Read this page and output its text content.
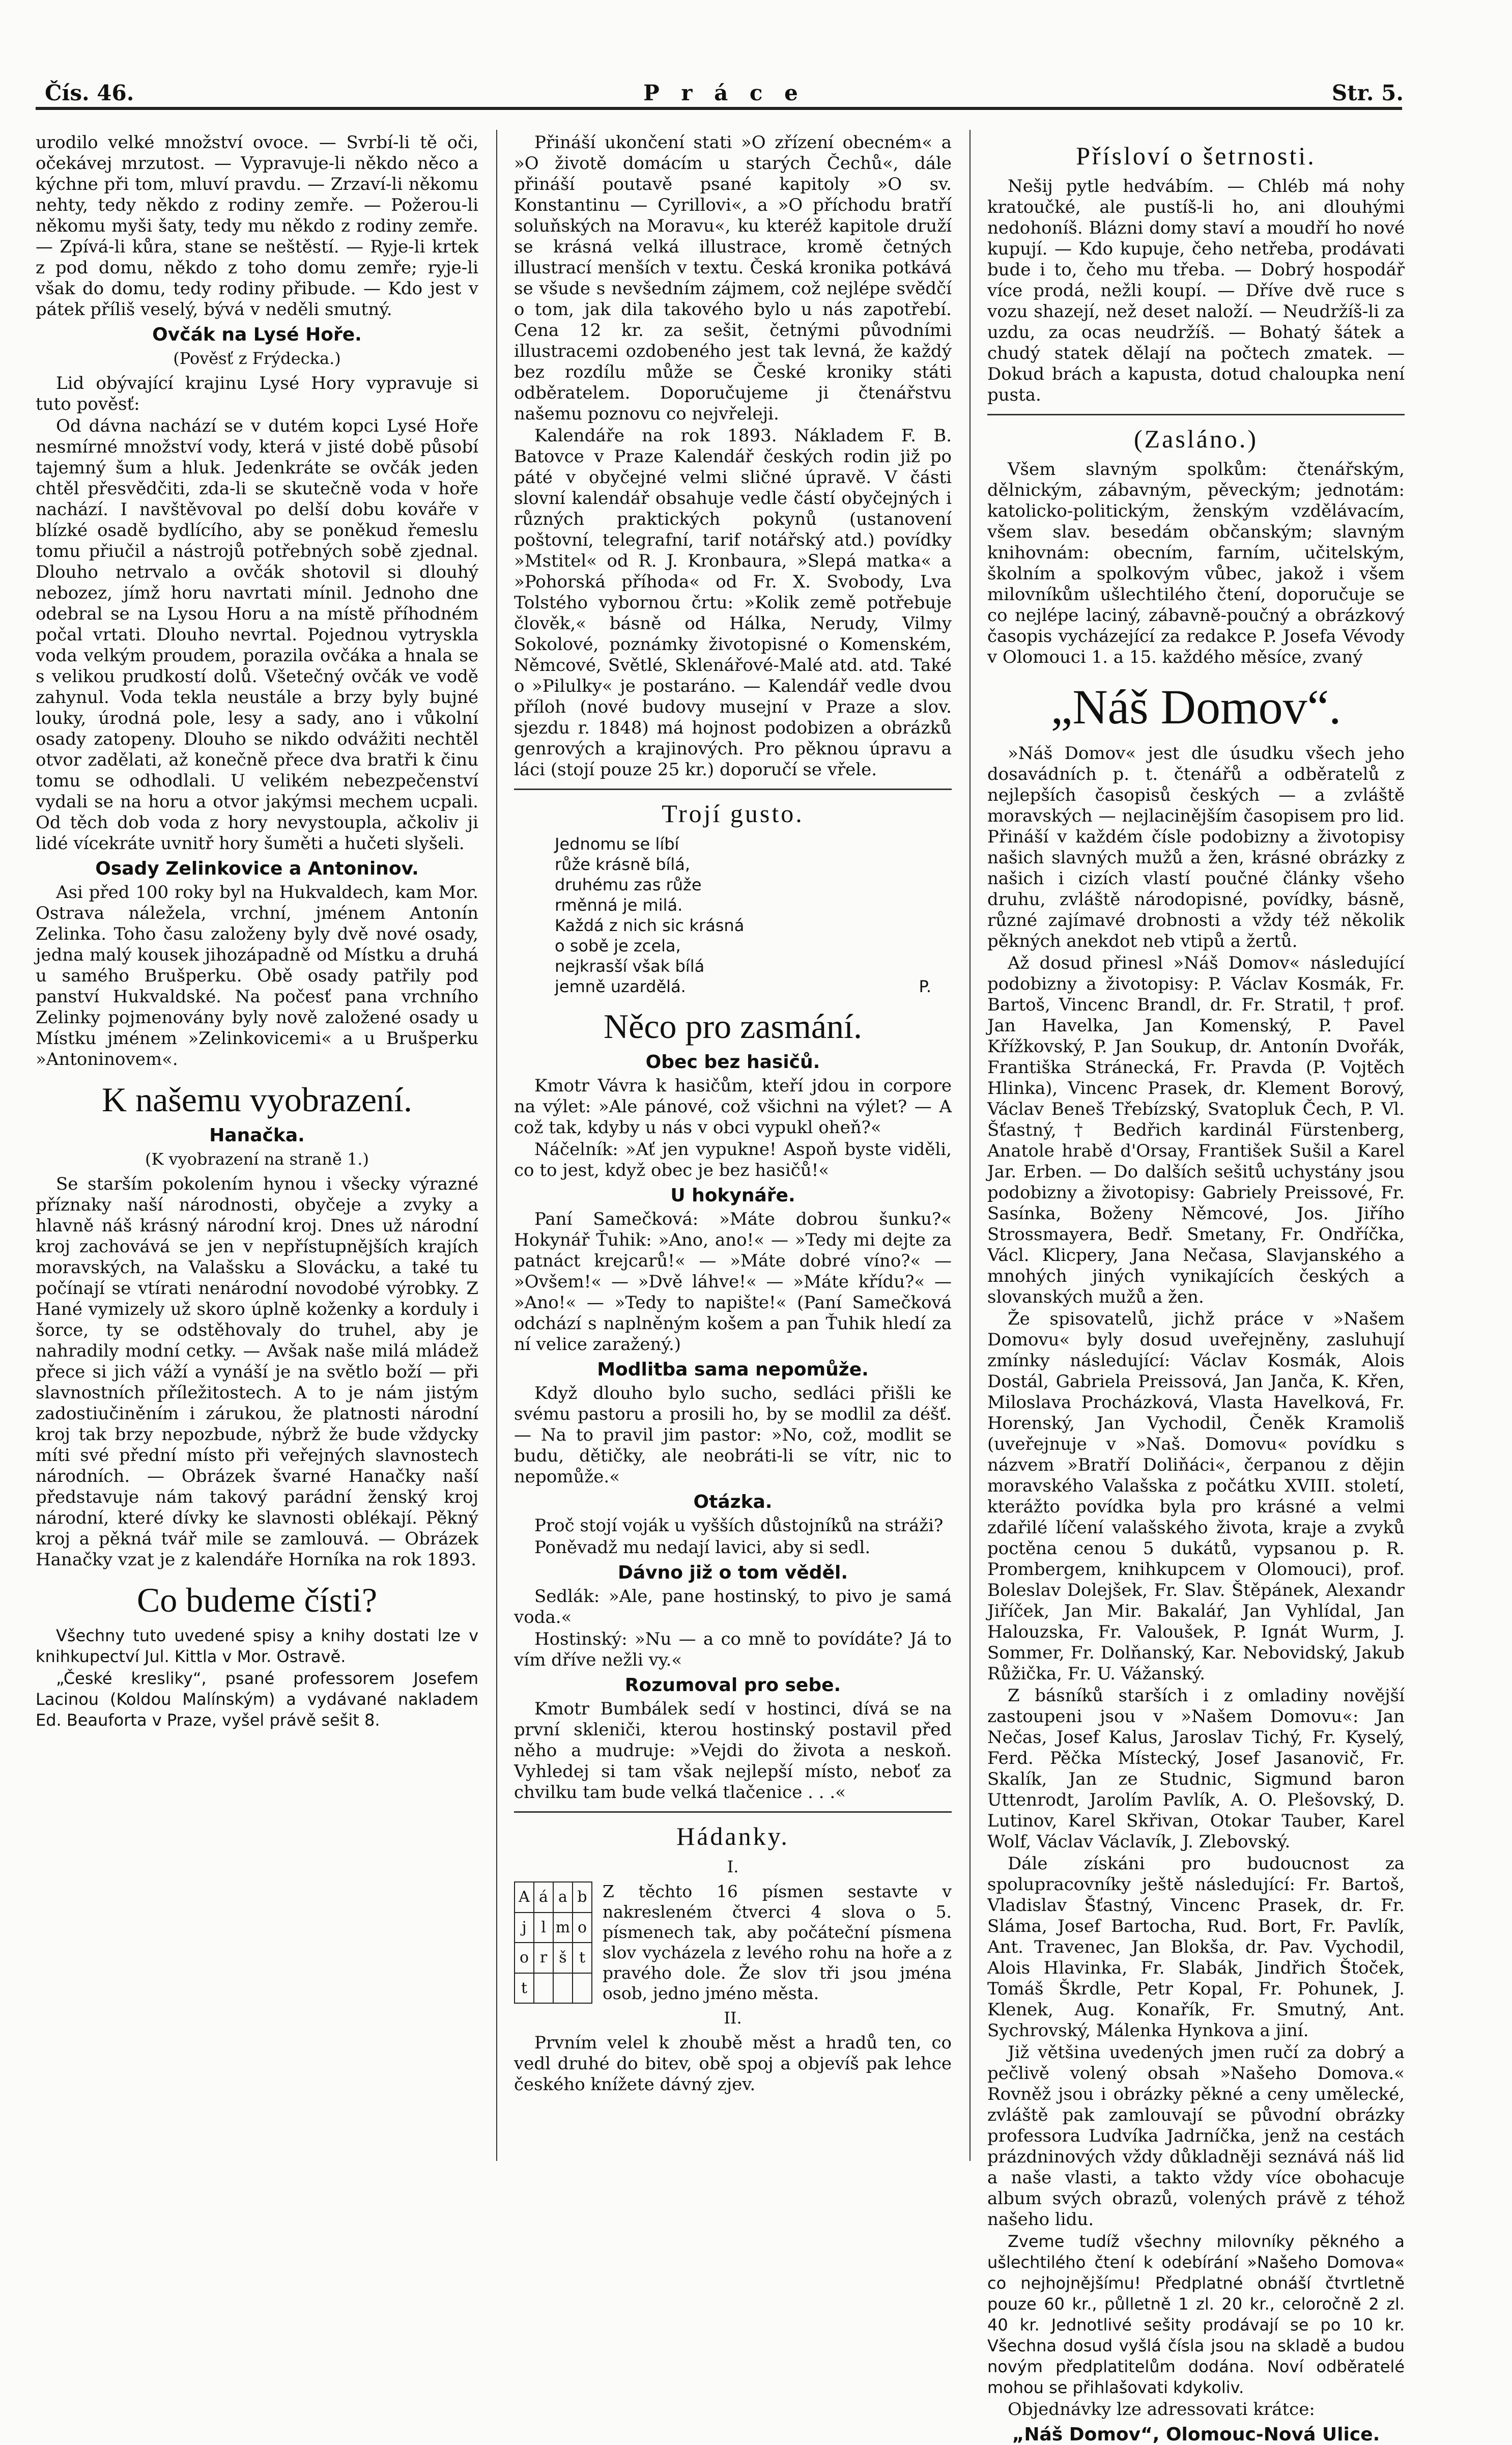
Čís. 46.	P r á c e	Str. 5.

urodilo velké množství ovoce. — Svrbí-li tě oči, očekávej mrzutost. — Vypravuje-li někdo něco a kýchne při tom, mluví pravdu. — Zrzaví-li někomu nehty, tedy někdo z rodiny zemře. — Požerou-li někomu myši šaty, tedy mu někdo z rodiny zemře. — Zpívá-li kůra, stane se neštěstí. — Ryje-li krtek z pod domu, někdo z toho domu zemře; ryje-li však do domu, tedy rodiny přibude. — Kdo jest v pátek příliš veselý, bývá v neděli smutný.

Ovčák na Lysé Hoře.
(Pověsť z Frýdecka.)

Lid obývající krajinu Lysé Hory vypravuje si tuto pověsť:

Od dávna nachází se v dutém kopci Lysé Hoře nesmírné množství vody, která v jisté době působí tajemný šum a hluk. Jedenkráte se ovčák jeden chtěl přesvědčiti, zda-li se skutečně voda v hoře nachází. I navštěvoval po delší dobu kováře v blízké osadě bydlícího, aby se poněkud řemeslu tomu přiučil a nástrojů potřebných sobě zjednal. Dlouho netrvalo a ovčák shotovil si dlouhý nebozez, jímž horu navrtati mínil. Jednoho dne odebral se na Lysou Horu a na místě příhodném počal vrtati. Dlouho nevrtal. Pojednou vytryskla voda velkým proudem, porazila ovčáka a hnala se s velikou prudkostí dolů. Všetečný ovčák ve vodě zahynul. Voda tekla neustále a brzy byly bujné louky, úrodná pole, lesy a sady, ano i vůkolní osady zatopeny. Dlouho se nikdo odvážiti nechtěl otvor zadělati, až konečně přece dva bratři k činu tomu se odhodlali. U velikém nebezpečenství vydali se na horu a otvor jakýmsi mechem ucpali. Od těch dob voda z hory nevystoupla, ačkoliv ji lidé vícekráte uvnitř hory šuměti a hučeti slyšeli.

Osady Zelinkovice a Antoninov.

Asi před 100 roky byl na Hukvaldech, kam Mor. Ostrava náležela, vrchní, jménem Antonín Zelinka. Toho času založeny byly dvě nové osady, jedna malý kousek jihozápadně od Místku a druhá u samého Brušperku. Obě osady patřily pod panství Hukvaldské. Na počesť pana vrchního Zelinky pojmenovány byly nově založené osady u Místku jménem »Zelinkovicemi« a u Brušperku »Antoninovem«.

K našemu vyobrazení.
Hanačka.
(K vyobrazení na straně 1.)

Se starším pokolením hynou i všecky výrazné příznaky naší národnosti, obyčeje a zvyky a hlavně náš krásný národní kroj. Dnes už národní kroj zachovává se jen v nepřístupnějších krajích moravských, na Valašsku a Slovácku, a také tu počínají se vtírati nenárodní novodobé výrobky. Z Hané vymizely už skoro úplně koženky a korduly i šorce, ty se odstěhovaly do truhel, aby je nahradily modní cetky. — Avšak naše milá mládež přece si jich váží a vynáší je na světlo boží — při slavnostních příležitostech. A to je nám jistým zadostiučiněním i zárukou, že platnosti národní kroj tak brzy nepozbude, nýbrž že bude vždycky míti své přední místo při veřejných slavnostech národních. — Obrázek švarné Hanačky naší představuje nám takový parádní ženský kroj národní, které dívky ke slavnosti oblékají. Pěkný kroj a pěkná tvář mile se zamlouvá. — Obrázek Hanačky vzat je z kalendáře Horníka na rok 1893.

Co budeme čísti?

Všechny tuto uvedené spisy a knihy dostati lze v knihkupectví Jul. Kittla v Mor. Ostravě.

„České kresliky“, psané professorem Josefem Lacinou (Koldou Malínským) a vydávané nakladem Ed. Beauforta v Praze, vyšel právě sešit 8.

Přináší ukončení stati »O zřízení obecném« a »O životě domácím u starých Čechů«, dále přináší poutavě psané kapitoly »O sv. Konstantinu — Cyrillovi«, a »O příchodu bratří soluňských na Moravu«, ku kteréž kapitole druží se krásná velká illustrace, kromě četných illustrací menších v textu. Česká kronika potkává se všude s nevšedním zájmem, což nejlépe svědčí o tom, jak dila takového bylo u nás zapotřebí. Cena 12 kr. za sešit, četnými původními illustracemi ozdobeného jest tak levná, že každý bez rozdílu může se České kroniky státi odběratelem. Doporučujeme ji čtenářstvu našemu poznovu co nejvřeleji.

Kalendáře na rok 1893. Nákladem F. B. Batovce v Praze Kalendář českých rodin již po páté v obyčejné velmi sličné úpravě. V části slovní kalendář obsahuje vedle částí obyčejných i různých praktických pokynů (ustanovení poštovní, telegrafní, tarif notářský atd.) povídky »Mstitel« od R. J. Kronbaura, »Slepá matka« a »Pohorská příhoda« od Fr. X. Svobody, Lva Tolstého vybornou črtu: »Kolik země potřebuje člověk,« básně od Hálka, Nerudy, Vilmy Sokolové, poznámky životopisné o Komenském, Němcové, Světlé, Sklenářové-Malé atd. atd. Také o »Pilulky« je postaráno. — Kalendář vedle dvou příloh (nové budovy musejní v Praze a slov. sjezdu r. 1848) má hojnost podobizen a obrázků genrových a krajinových. Pro pěknou úpravu a láci (stojí pouze 25 kr.) doporučí se vřele.

Trojí gusto.
Jednomu se líbí
růže krásně bílá,
druhému zas růže
rměnná je milá.
Každá z nich sic krásná
o sobě je zcela,
nejkrasší však bílá
jemně uzardělá.	P.
Něco pro zasmání.
Obec bez hasičů.

Kmotr Vávra k hasičům, kteří jdou in corpore na výlet: »Ale pánové, což všichni na výlet? — A což tak, kdyby u nás v obci vypukl oheň?«

Náčelník: »Ať jen vypukne! Aspoň byste viděli, co to jest, když obec je bez hasičů!«

U hokynáře.

Paní Samečková: »Máte dobrou šunku?« Hokynář Ťuhik: »Ano, ano!« — »Tedy mi dejte za patnáct krejcarů!« — »Máte dobré víno?« — »Ovšem!« — »Dvě láhve!« — »Máte křídu?« — »Ano!« — »Tedy to napište!« (Paní Samečková odchází s naplněným košem a pan Ťuhik hledí za ní velice zaražený.)

Modlitba sama nepomůže.

Když dlouho bylo sucho, sedláci přišli ke svému pastoru a prosili ho, by se modlil za déšť. — Na to pravil jim pastor: »No, což, modlit se budu, dětičky, ale neobráti-li se vítr, nic to nepomůže.«

Otázka.

Proč stojí voják u vyšších důstojníků na stráži?

Poněvadž mu nedají lavici, aby si sedl.

Dávno již o tom věděl.

Sedlák: »Ale, pane hostinský, to pivo je samá voda.«

Hostinský: »Nu — a co mně to povídáte? Já to vím dříve nežli vy.«

Rozumoval pro sebe.

Kmotr Bumbálek sedí v hostinci, dívá se na první skleniči, kterou hostinský postavil před něho a mudruje: »Vejdi do života a neskoň. Vyhledej si tam však nejlepší místo, neboť za chvilku tam bude velká tlačenice . . .«

Hádanky.
I.
A	á	a	b
j	l	m	o
o	r	š	t
t			
Z těchto 16 písmen sestavte v nakresleném čtverci 4 slova o 5. písmenech tak, aby počáteční písmena slov vycházela z levého rohu na hoře a z pravého dole. Že slov tři jsou jména osob, jedno jméno města.
II.

Prvním velel k zhoubě měst a hradů ten, co vedl druhé do bitev, obě spoj a objevíš pak lehce českého knížete dávný zjev.

Přísloví o šetrnosti.

Nešij pytle hedvábím. — Chléb má nohy kratoučké, ale pustíš-li ho, ani dlouhými nedohoníš. Blázni domy staví a moudří ho nové kupují. — Kdo kupuje, čeho netřeba, prodávati bude i to, čeho mu třeba. — Dobrý hospodář více prodá, nežli koupí. — Dříve dvě ruce s vozu shazejí, než deset naloží. — Neudržíš-li za uzdu, za ocas neudržíš. — Bohatý šátek a chudý statek dělají na počtech zmatek. — Dokud brách a kapusta, dotud chaloupka není pusta.

(Zasláno.)

Všem slavným spolkům: čtenářským, dělnickým, zábavným, pěveckým; jednotám: katolicko-politickým, ženským vzdělávacím, všem slav. besedám občanským; slavným knihovnám: obecním, farním, učitelským, školním a spolkovým vůbec, jakož i všem milovníkům ušlechtilého čtení, doporučuje se co nejlépe laciný, zábavně-poučný a obrázkový časopis vycházející za redakce P. Josefa Vévody v Olomouci 1. a 15. každého měsíce, zvaný

„Náš Domov“.

»Náš Domov« jest dle úsudku všech jeho dosavádních p. t. čtenářů a odběratelů z nejlepších časopisů českých — a zvláště moravských — nejlacinějším časopisem pro lid. Přináší v každém čísle podobizny a životopisy našich slavných mužů a žen, krásné obrázky z našich i cizích vlastí poučné články všeho druhu, zvláště národopisné, povídky, básně, různé zajímavé drobnosti a vždy též několik pěkných anekdot neb vtipů a žertů.

Až dosud přinesl »Náš Domov« následující podobizny a životopisy: P. Václav Kosmák, Fr. Bartoš, Vincenc Brandl, dr. Fr. Stratil, † prof. Jan Havelka, Jan Komenský, P. Pavel Křížkovský, P. Jan Soukup, dr. Antonín Dvořák, Františka Stránecká, Fr. Pravda (P. Vojtěch Hlinka), Vincenc Prasek, dr. Klement Borový, Václav Beneš Třebízský, Svatopluk Čech, P. Vl. Šťastný, † Bedřich kardinál Fürstenberg, Anatole hrabě d'Orsay, František Sušil a Karel Jar. Erben. — Do dalších sešitů uchystány jsou podobizny a životopisy: Gabriely Preissové, Fr. Sasínka, Boženy Němcové, Jos. Jiřího Strossmayera, Bedř. Smetany, Fr. Ondříčka, Václ. Klicpery, Jana Nečasa, Slavjanského a mnohých jiných vynikajících českých a slovanských mužů a žen.

Že spisovatelů, jichž práce v »Našem Domovu« byly dosud uveřejněny, zasluhují zmínky následující: Václav Kosmák, Alois Dostál, Gabriela Preissová, Jan Janča, K. Křen, Miloslava Procházková, Vlasta Havelková, Fr. Horenský, Jan Vychodil, Čeněk Kramoliš (uveřejnuje v »Naš. Domovu« povídku s názvem »Bratří Doliňáci«, čerpanou z dějin moravského Valašska z počátku XVIII. století, kterážto povídka byla pro krásné a velmi zdařilé líčení valašského života, kraje a zvyků poctěna cenou 5 dukátů, vypsanou p. R. Prombergem, knihkupcem v Olomouci), prof. Boleslav Dolejšek, Fr. Slav. Štěpánek, Alexandr Jiříček, Jan Mir. Bakaláŕ, Jan Vyhlídal, Jan Halouzska, Fr. Valoušek, P. Ignát Wurm, J. Sommer, Fr. Dolňanský, Kar. Nebovidský, Jakub Růžička, Fr. U. Vážanský.

Z básníků starších i z omladiny novější zastoupeni jsou v »Našem Domovu«: Jan Nečas, Josef Kalus, Jaroslav Tichý, Fr. Kyselý, Ferd. Pěčka Místecký, Josef Jasanovič, Fr. Skalík, Jan ze Studnic, Sigmund baron Uttenrodt, Jarolím Pavlík, A. O. Plešovský, D. Lutinov, Karel Skřivan, Otokar Tauber, Karel Wolf, Václav Václavík, J. Zlebovský.

Dále získáni pro budoucnost za spolupracovníky ještě následující: Fr. Bartoš, Vladislav Šťastný, Vincenc Prasek, dr. Fr. Sláma, Josef Bartocha, Rud. Bort, Fr. Pavlík, Ant. Travenec, Jan Blokša, dr. Pav. Vychodil, Alois Hlavinka, Fr. Slabák, Jindřich Štoček, Tomáš Škrdle, Petr Kopal, Fr. Pohunek, J. Klenek, Aug. Konařík, Fr. Smutný, Ant. Sychrovský, Málenka Hynkova a jiní.

Již většina uvedených jmen ručí za dobrý a pečlivě volený obsah »Našeho Domova.« Rovněž jsou i obrázky pěkné a ceny umělecké, zvláště pak zamlouvají se původní obrázky professora Ludvíka Jadrníčka, jenž na cestách prázdninových vždy důkladněji seznává náš lid a naše vlasti, a takto vždy více obohacuje album svých obrazů, volených právě z téhož našeho lidu.

Zveme tudíž všechny milovníky pěkného a ušlechtilého čtení k odebírání »Našeho Domova« co nejhojnějšímu! Předplatné obnáší čtvrtletně pouze 60 kr., půlletně 1 zl. 20 kr., celoročně 2 zl. 40 kr. Jednotlivé sešity prodávají se po 10 kr. Všechna dosud vyšlá čísla jsou na skladě a budou novým předplatitelům dodána. Noví odběratelé mohou se přihlašovati kdykoliv.

Objednávky lze adressovati krátce:

„Náš Domov“, Olomouc-Nová Ulice.
